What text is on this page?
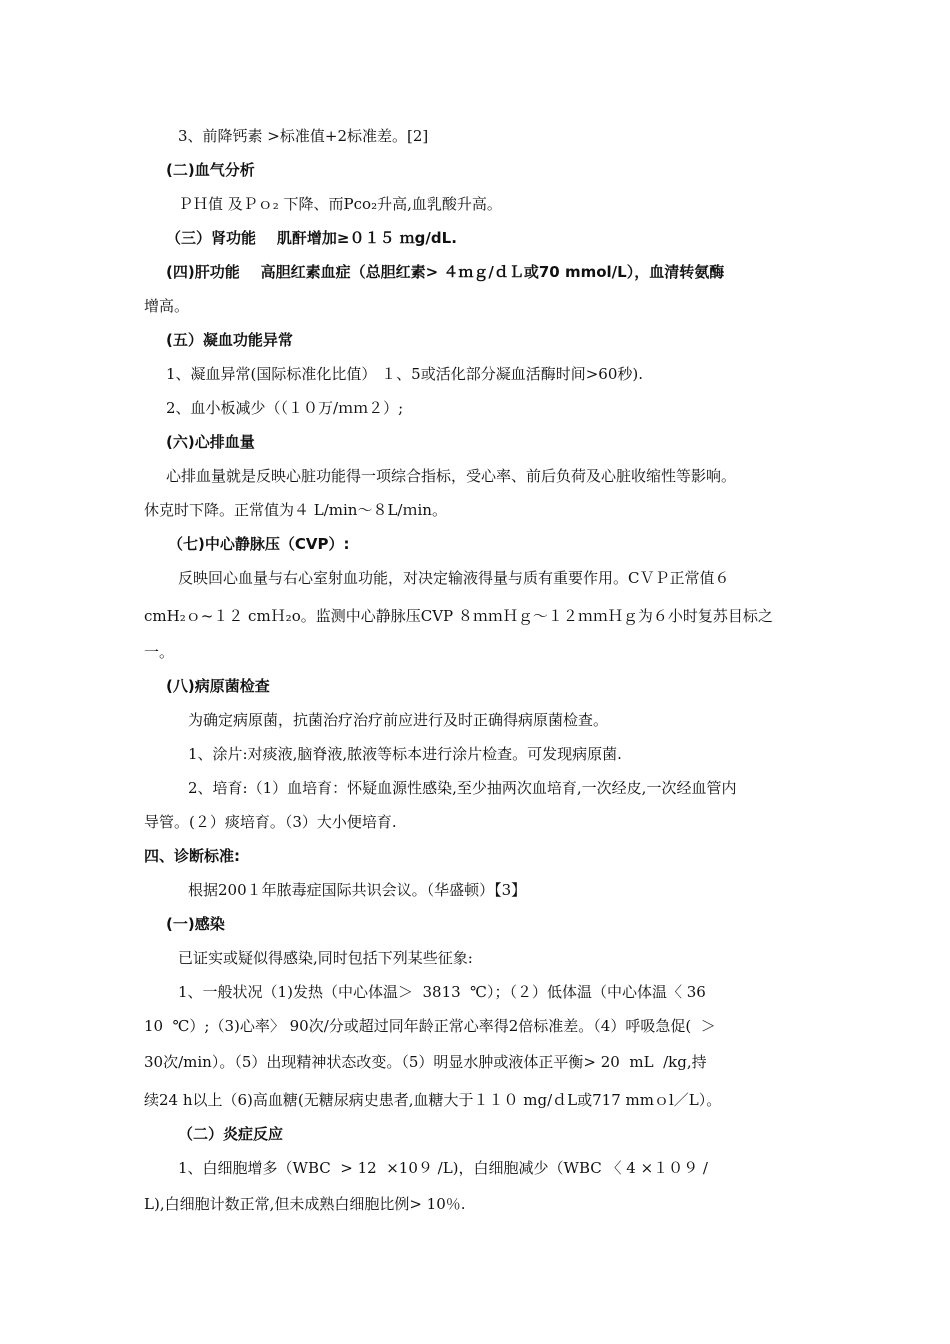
3、前降钙素 >标准值+2标准差。[2]
(二)血气分析
ＰＨ值 及Ｐｏ₂ 下降、而Pco₂升高,血乳酸升高。
（三）肾功能    肌酐增加≥０１５ ｍg/dL.
(四)肝功能    高胆红素血症（总胆红素> ４ｍｇ/ｄＬ或70 mmol/L），血清转氨酶
增高。
(五）凝血功能异常
1、凝血异常(国际标准化比值） １、5或活化部分凝血活酶时间>60秒).
2、血小板减少（（１０万/ｍｍ２）;
(六)心排血量
心排血量就是反映心脏功能得一项综合指标，受心率、前后负荷及心脏收缩性等影响。
休克时下降。正常值为４ L/min～８L/ｍin。
（七)中心静脉压（CVP）:
反映回心血量与右心室射血功能，对决定输液得量与质有重要作用。CＶＰ正常值６
cmH₂ｏ~１２ cmＨ₂o。监测中心静脉压CVP ８ｍｍＨｇ～１２ｍｍＨｇ为６小时复苏目标之
一。
(八)病原菌检查
为确定病原菌，抗菌治疗治疗前应进行及时正确得病原菌检查。
1、涂片:对痰液,脑脊液,脓液等标本进行涂片检查。可发现病原菌.
2、培育:（1）血培育：怀疑血源性感染,至少抽两次血培育,一次经皮,一次经血管内
导管。(２）痰培育。（3）大小便培育.
四、诊断标准:
根据200１年脓毒症国际共识会议。（华盛顿）【3】
(一)感染
已证实或疑似得感染,同时包括下列某些征象:
1、一般状况（1)发热（中心体温＞  3813  ℃）；（２）低体温（中心体温〈 36
10  ℃）;（3)心率〉 90次/分或超过同年龄正常心率得2倍标准差。（4）呼吸急促(  ＞
30次/min）。（5）出现精神状态改变。（5）明显水肿或液体正平衡> 20  mL  /kg,持
续24 h以上（6)高血糖(无糖尿病史患者,血糖大于１１０ mg/ｄL或717 mmｏl／L）。
（二）炎症反应
1、白细胞增多（WBC  > 12  ×10９ /L)，白细胞减少（WBC 〈 4 ×１０９ /
L),白细胞计数正常,但未成熟白细胞比例> 10％.
